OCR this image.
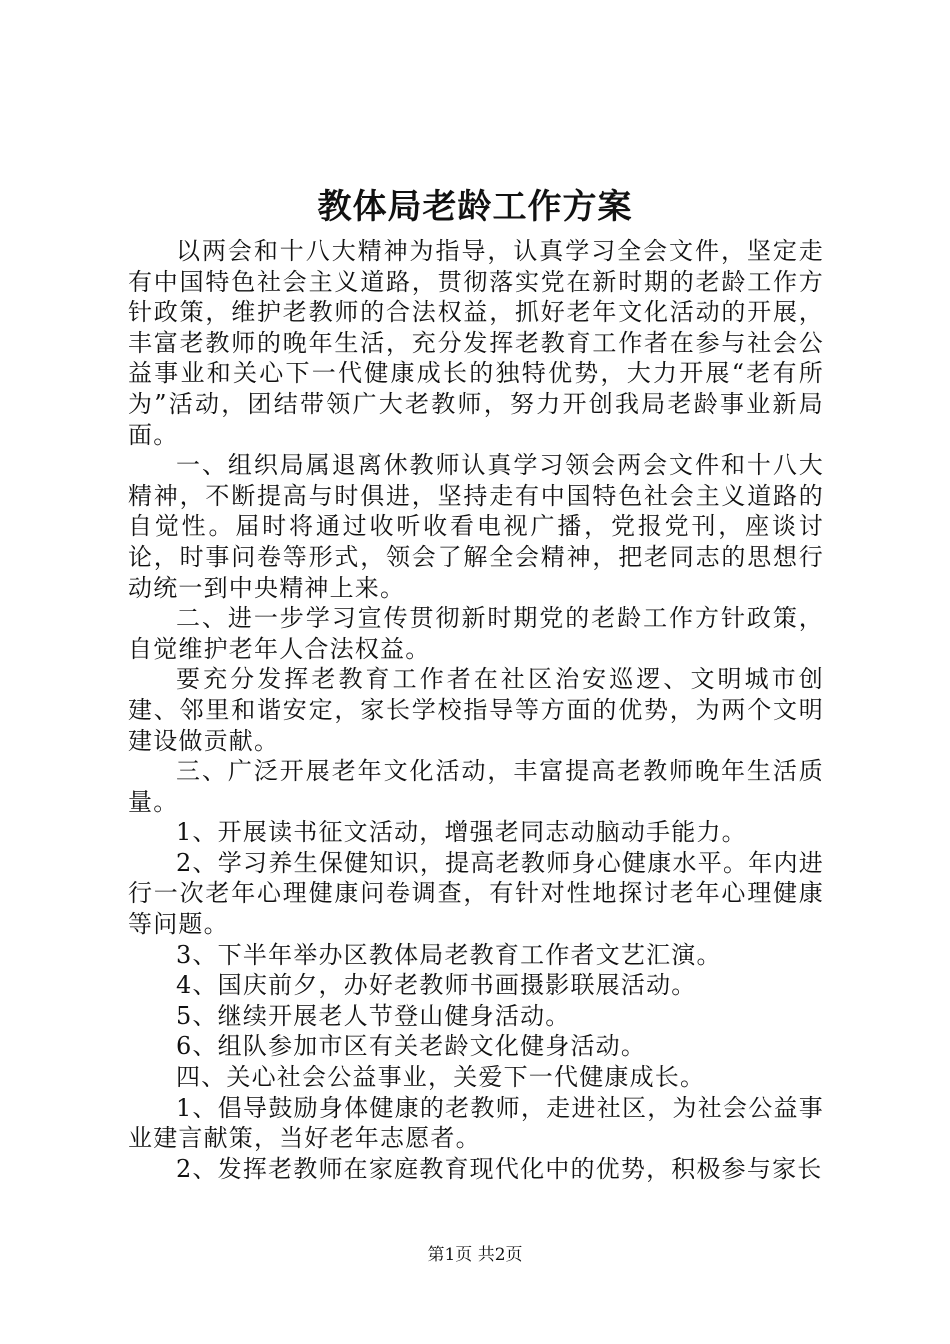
教体局老龄工作方案

以两会和十八大精神为指导，认真学习全会文件，坚定走有中国特色社会主义道路，贯彻落实党在新时期的老龄工作方针政策，维护老教师的合法权益，抓好老年文化活动的开展，丰富老教师的晚年生活，充分发挥老教育工作者在参与社会公益事业和关心下一代健康成长的独特优势，大力开展“老有所为”活动，团结带领广大老教师，努力开创我局老龄事业新局面。

一、组织局属退离休教师认真学习领会两会文件和十八大精神，不断提高与时俱进，坚持走有中国特色社会主义道路的自觉性。届时将通过收听收看电视广播，党报党刊，座谈讨论，时事问卷等形式，领会了解全会精神，把老同志的思想行动统一到中央精神上来。

二、进一步学习宣传贯彻新时期党的老龄工作方针政策，自觉维护老年人合法权益。

要充分发挥老教育工作者在社区治安巡逻、文明城市创建、邻里和谐安定，家长学校指导等方面的优势，为两个文明建设做贡献。

三、广泛开展老年文化活动，丰富提高老教师晚年生活质量。

1、开展读书征文活动，增强老同志动脑动手能力。

2、学习养生保健知识，提高老教师身心健康水平。年内进行一次老年心理健康问卷调查，有针对性地探讨老年心理健康等问题。

3、下半年举办区教体局老教育工作者文艺汇演。

4、国庆前夕，办好老教师书画摄影联展活动。

5、继续开展老人节登山健身活动。

6、组队参加市区有关老龄文化健身活动。

四、关心社会公益事业，关爱下一代健康成长。

1、倡导鼓励身体健康的老教师，走进社区，为社会公益事业建言献策，当好老年志愿者。

2、发挥老教师在家庭教育现代化中的优势，积极参与家长

第1页 共2页
